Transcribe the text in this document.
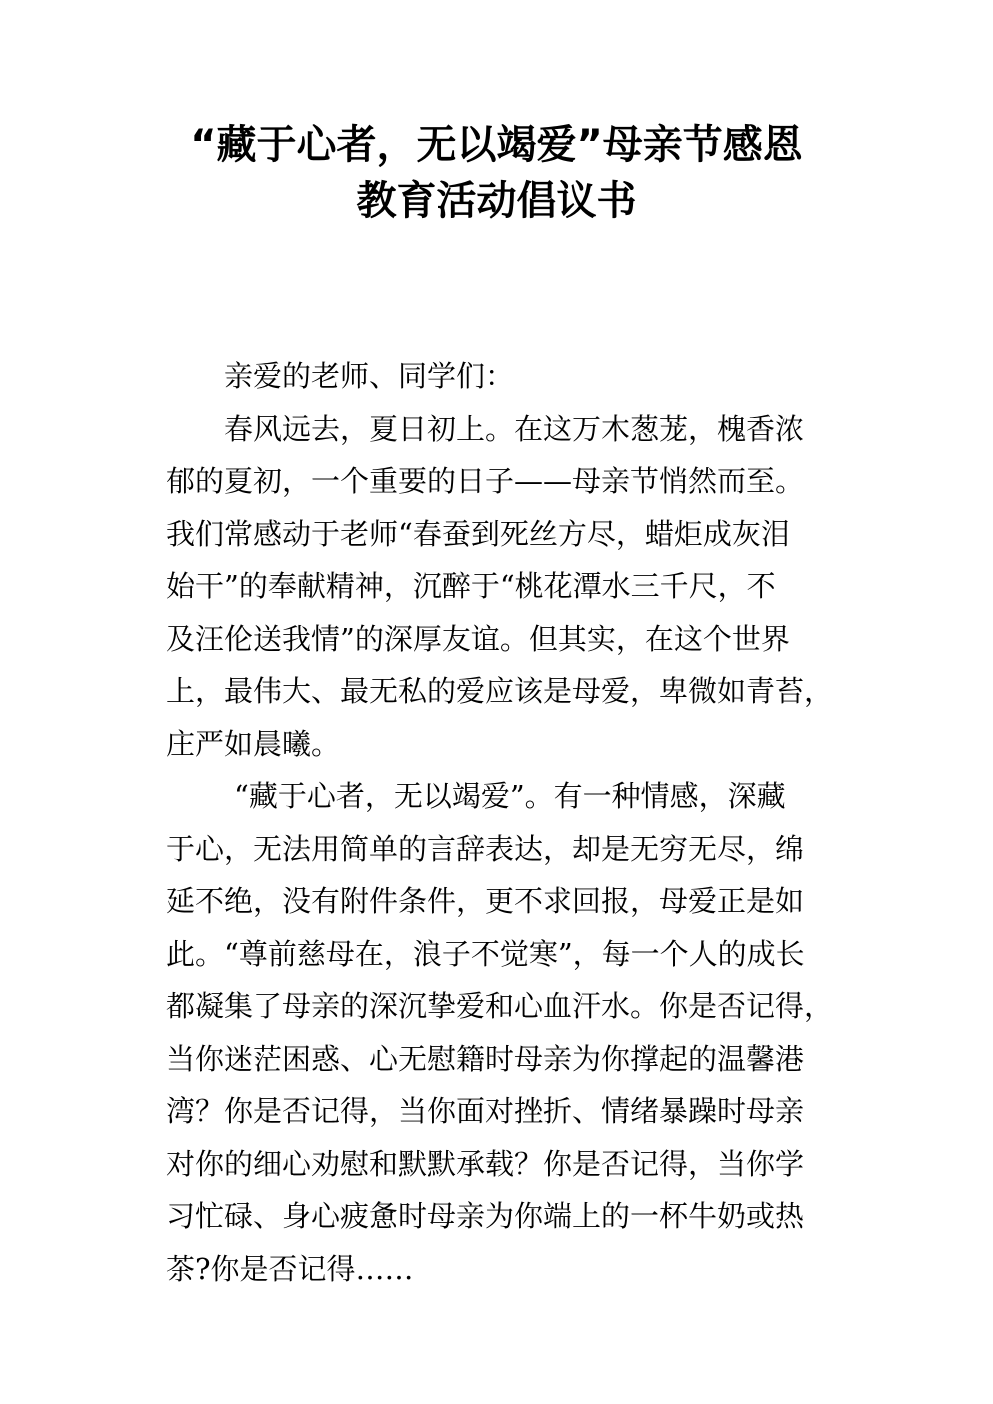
“藏于心者，无以竭爱”母亲节感恩
教育活动倡议书
亲爱的老师、同学们：
春风远去，夏日初上。在这万木葱茏，槐香浓
郁的夏初，一个重要的日子——母亲节悄然而至。
我们常感动于老师“春蚕到死丝方尽，蜡炬成灰泪
始干”的奉献精神，沉醉于“桃花潭水三千尺，不
及汪伦送我情”的深厚友谊。但其实，在这个世界
上，最伟大、最无私的爱应该是母爱，卑微如青苔，
庄严如晨曦。
“藏于心者，无以竭爱”。有一种情感，深藏
于心，无法用简单的言辞表达，却是无穷无尽，绵
延不绝，没有附件条件，更不求回报，母爱正是如
此。“尊前慈母在，浪子不觉寒”，每一个人的成长
都凝集了母亲的深沉挚爱和心血汗水。你是否记得，
当你迷茫困惑、心无慰籍时母亲为你撑起的温馨港
湾？你是否记得，当你面对挫折、情绪暴躁时母亲
对你的细心劝慰和默默承载？你是否记得，当你学
习忙碌、身心疲惫时母亲为你端上的一杯牛奶或热
茶?你是否记得……
